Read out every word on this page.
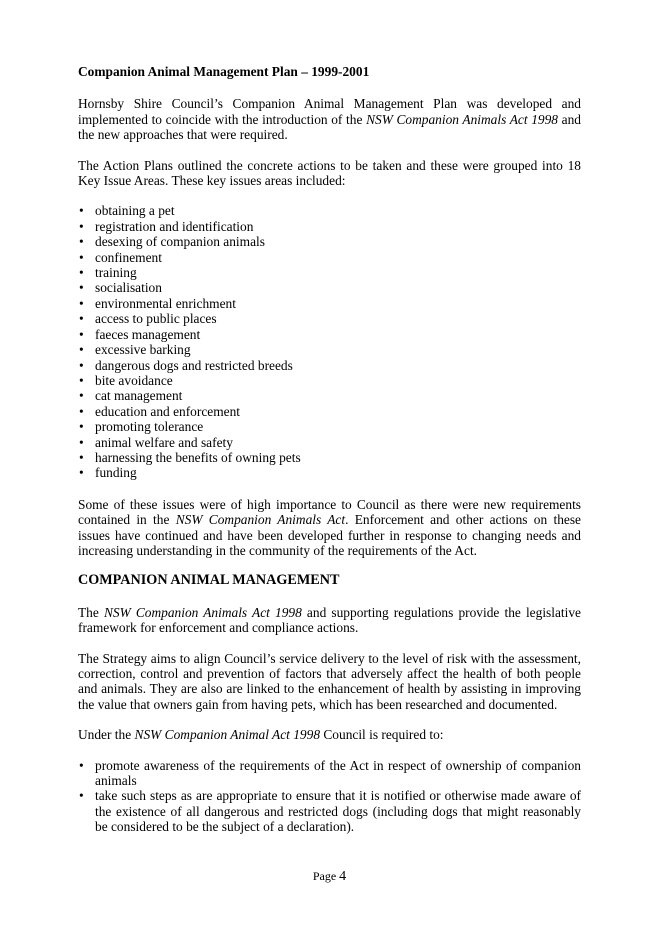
Companion Animal Management Plan – 1999-2001

Hornsby Shire Council’s Companion Animal Management Plan was developed and implemented to coincide with the introduction of the NSW Companion Animals Act 1998 and the new approaches that were required.

The Action Plans outlined the concrete actions to be taken and these were grouped into 18 Key Issue Areas. These key issues areas included:

• obtaining a pet
• registration and identification
• desexing of companion animals
• confinement
• training
• socialisation
• environmental enrichment
• access to public places
• faeces management
• excessive barking
• dangerous dogs and restricted breeds
• bite avoidance
• cat management
• education and enforcement
• promoting tolerance
• animal welfare and safety
• harnessing the benefits of owning pets
• funding

Some of these issues were of high importance to Council as there were new requirements contained in the NSW Companion Animals Act. Enforcement and other actions on these issues have continued and have been developed further in response to changing needs and increasing understanding in the community of the requirements of the Act.

COMPANION ANIMAL MANAGEMENT

The NSW Companion Animals Act 1998 and supporting regulations provide the legislative framework for enforcement and compliance actions.

The Strategy aims to align Council’s service delivery to the level of risk with the assessment, correction, control and prevention of factors that adversely affect the health of both people and animals. They are also are linked to the enhancement of health by assisting in improving the value that owners gain from having pets, which has been researched and documented.

Under the NSW Companion Animal Act 1998 Council is required to:

• promote awareness of the requirements of the Act in respect of ownership of companion animals
• take such steps as are appropriate to ensure that it is notified or otherwise made aware of the existence of all dangerous and restricted dogs (including dogs that might reasonably be considered to be the subject of a declaration).
Page 4
